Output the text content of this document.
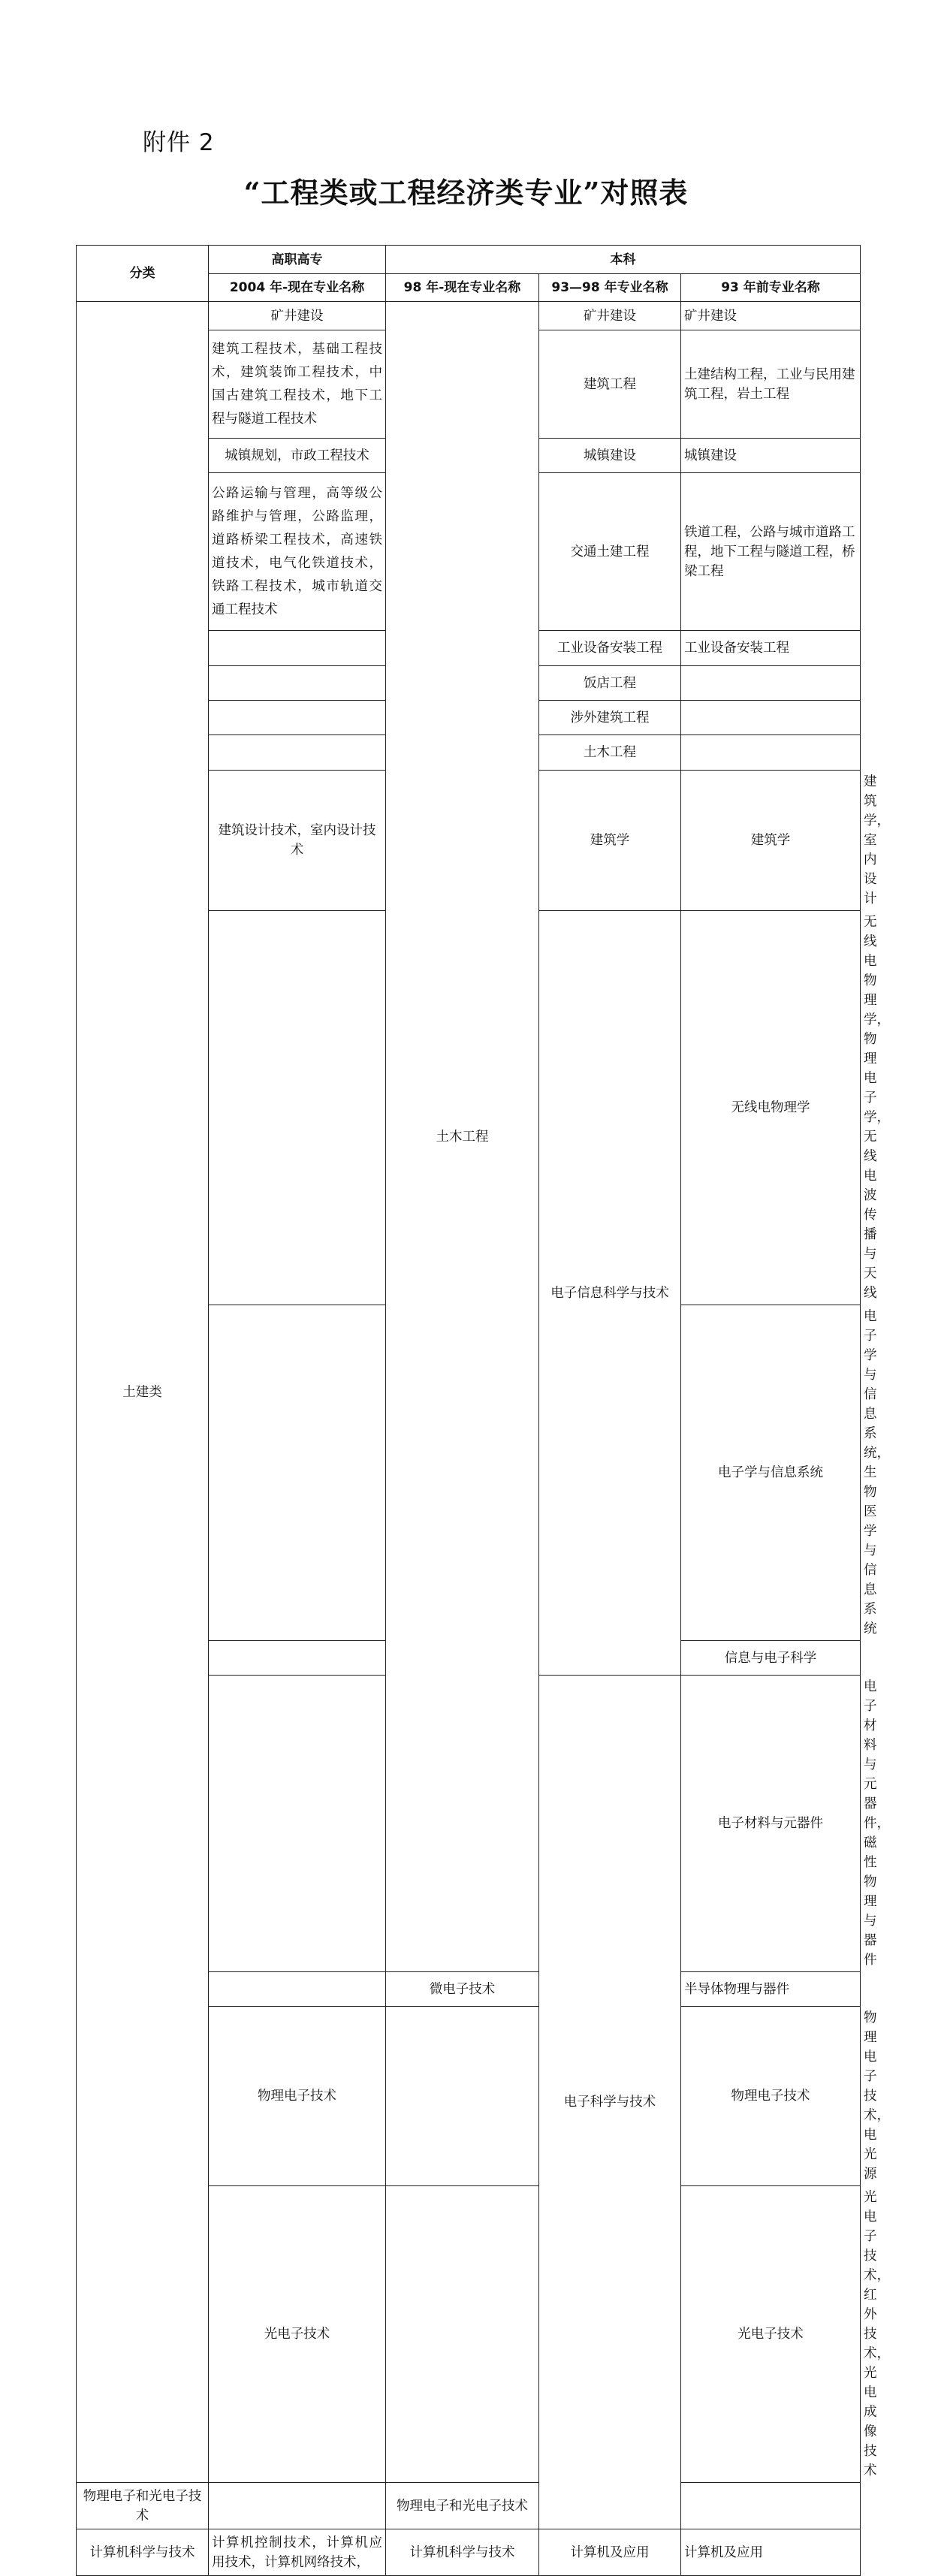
附件 2
“工程类或工程经济类专业”对照表
分类	高职高专	本科			
	2004 年-现在专业名称	98 年-现在专业名称	93—98 年专业名称	93 年前专业名称	
土建类	矿井建设	土木工程	矿井建设	矿井建设	
	建筑工程技术，基础工程技术，建筑装饰工程技术，中国古建筑工程技术，地下工程与隧道工程技术		建筑工程	土建结构工程，工业与民用建筑工程，岩土工程	
	城镇规划，市政工程技术		城镇建设	城镇建设	
	公路运输与管理，高等级公路维护与管理，公路监理，道路桥梁工程技术，高速铁道技术，电气化铁道技术，铁路工程技术，城市轨道交通工程技术		交通土建工程	铁道工程，公路与城市道路工程，地下工程与隧道工程，桥梁工程	
			工业设备安装工程	工业设备安装工程	
			饭店工程		
			涉外建筑工程		
			土木工程		
	建筑设计技术，室内设计技术		建筑学	建筑学	建筑学，室内设计
			电子信息科学与技术	无线电物理学	无线电物理学，物理电子学，无线电波传播与天线
				电子学与信息系统	电子学与信息系统，生物医学与信息系统
				信息与电子科学	
			电子科学与技术	电子材料与元器件	电子材料与元器件，磁性物理与器件
		微电子技术		半导体物理与器件	
	物理电子技术			物理电子技术	物理电子技术，电光源
	光电子技术			光电子技术	光电子技术，红外技术，光电成像技术
物理电子和光电子技术		物理电子和光电子技术			
计算机科学与技术	计算机控制技术，计算机应用技术，计算机网络技术，	计算机科学与技术	计算机及应用	计算机及应用	
